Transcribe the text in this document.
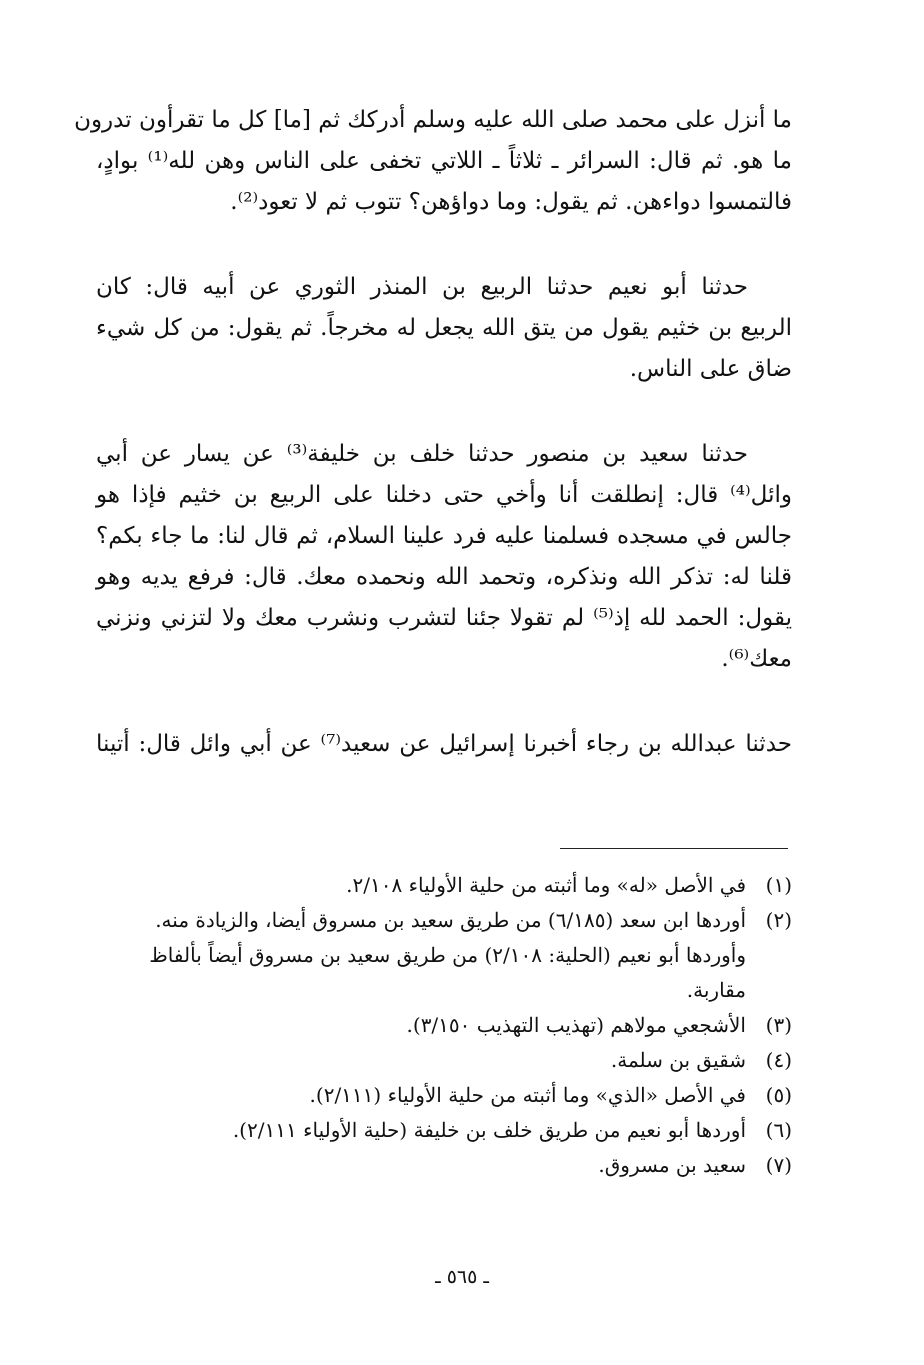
ما أنزل على محمد صلى الله عليه وسلم أدركك ثم [ما] كل ما تقرأون تدرون
ما هو. ثم قال: السرائر ـ ثلاثاً ـ اللاتي تخفى على الناس وهن لله⁽¹⁾ بوادٍ،
فالتمسوا دواءهن. ثم يقول: وما دواؤهن؟ تتوب ثم لا تعود⁽²⁾.

حدثنا أبو نعيم حدثنا الربيع بن المنذر الثوري عن أبيه قال: كان
الربيع بن خثيم يقول من يتق الله يجعل له مخرجاً. ثم يقول: من كل شيء
ضاق على الناس.

حدثنا سعيد بن منصور حدثنا خلف بن خليفة⁽³⁾ عن يسار عن أبي
وائل⁽⁴⁾ قال: إنطلقت أنا وأخي حتى دخلنا على الربيع بن خثيم فإذا هو
جالس في مسجده فسلمنا عليه فرد علينا السلام، ثم قال لنا: ما جاء بكم؟
قلنا له: تذكر الله ونذكره، وتحمد الله ونحمده معك. قال: فرفع يديه وهو
يقول: الحمد لله إذ⁽⁵⁾ لم تقولا جئنا لتشرب ونشرب معك ولا لتزني ونزني
معك⁽⁶⁾.

حدثنا عبدالله بن رجاء أخبرنا إسرائيل عن سعيد⁽⁷⁾ عن أبي وائل قال: أتينا

(١)
في الأصل «له» وما أثبته من حلية الأولياء ٢/١٠٨.
(٢)
أوردها ابن سعد (٦/١٨٥) من طريق سعيد بن مسروق أيضا، والزيادة منه.
وأوردها أبو نعيم (الحلية: ٢/١٠٨) من طريق سعيد بن مسروق أيضاً بألفاظ
مقاربة.
(٣)
الأشجعي مولاهم (تهذيب التهذيب ٣/١٥٠).
(٤)
شقيق بن سلمة.
(٥)
في الأصل «الذي» وما أثبته من حلية الأولياء (٢/١١١).
(٦)
أوردها أبو نعيم من طريق خلف بن خليفة (حلية الأولياء ٢/١١١).
(٧)
سعيد بن مسروق.
ـ ٥٦٥ ـ
